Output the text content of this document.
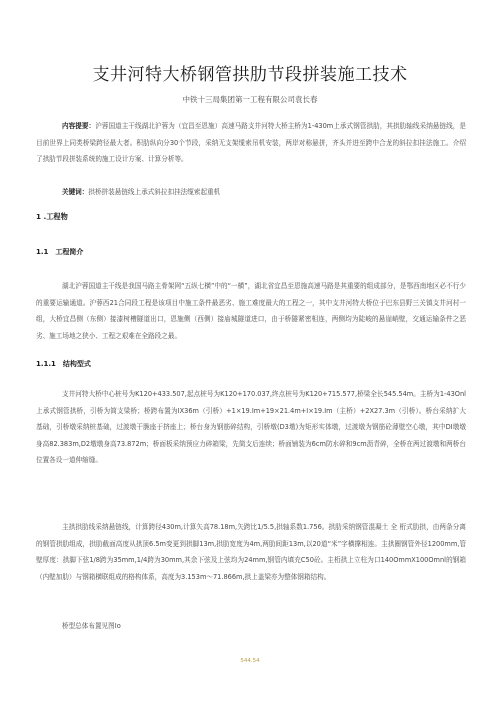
支井河特大桥钢管拱肋节段拼装施工技术
中铁十三局集团第一工程有限公司袁长春
内容提要：沪蓉国道主干线湖北沪蓉为（宜昌至恩施）高速马路支井河特大桥主桥为1-430m上承式钢管拱肋，其拱肋轴线采纳悬链线，是目前世界上同类桥梁跨径最大者。积肋纵向分30个节段，采纳无支架缆索吊机安装，两岸对称悬拼，齐头并进至跨中合龙的斜拉扣挂法施工。介绍了拱肋节段拼装系统的施工设计方案、计算分析等。
关键词：拱桥拼装悬链线上承式斜拉扣挂法缆索起重机
1 .工程物
1.1　工程简介
湖北沪蓉国道主干线是我国马路主骨架网“五纵七横”中的“一横”，湖北省宜昌至恩施高速马路是其重要的组成部分，是鄂西南地区必不行少的重要运输通道。沪蓉西21合同段工程是该项目中施工条件最恶劣、施工难度最大的工程之一，其中支井河特大桥位于巴东县野三关镇支井河村一组，大桥宜昌侧（东侧）接漆树槽隧道出口，恩施侧（西侧）接庙城隧道进口，由于桥隧紧密相连，两侧均为陡峻的悬崖峭壁，交通运输条件之恶劣、施工场地之狭小、工程之艰难在全路段之最。
1.1.1　结构型式
支井河特大桥中心桩号为K120+433.507,起点桩号为K120+170.037,终点桩号为K120+715.577,桥梁全长545.54m。主桥为1-43Onl上承式钢管拱桥，引桥为简支梁桥；桥跨布置为IX36m（引桥）+1×19.Im+19×21.4m+I×19.Im（主桥）+2X27.3m（引桥）。桥台采纳扩大基础，引桥墩采纳桩基础，过渡墩干脆座于挤座上；桥台身为钢筋碎结构，引桥墩(D3墩)为矩形实体墩，过渡墩为钢筋砼薄壁空心墩，其中DI墩墩身高82.383m,D2墩墩身高73.872m；桥面板采纳预应力碎箱梁，先简支后连续；桥面铺装为6cm防水碎和9cm沥青碎，全桥在两过渡墩和两桥台位置各设一道伸缩缝。
主拱拱肋线采纳悬链线，计算跨径430m,计算矢高78.18m,矢跨比1/5.5,拱轴系数1.756。拱肋采纳钢管混凝土 全 桁式肋拱，由两条分离的钢管拱肋组成，拱肋截面高度从拱顶6.5m变更到拱脚13m,拱肋宽度为4m,两肋间距13m,以20道“米”字横撑相连。主拱圈钢管外径1200mm,管壁厚度：拱脚下弦1/8跨为35mm,1/4跨为30mm,其余下弦及上弦均为24mm,钢管内填充C50砼。主桁拱上立柱为口140OmmX100Omnl的钢箱（内壁加肋）与钢箱横联组成的格构体系，高度为3.153m～71.866m,拱上盖梁亦为整体钢箱结构。
桥型总体布置见图Io
544.54
